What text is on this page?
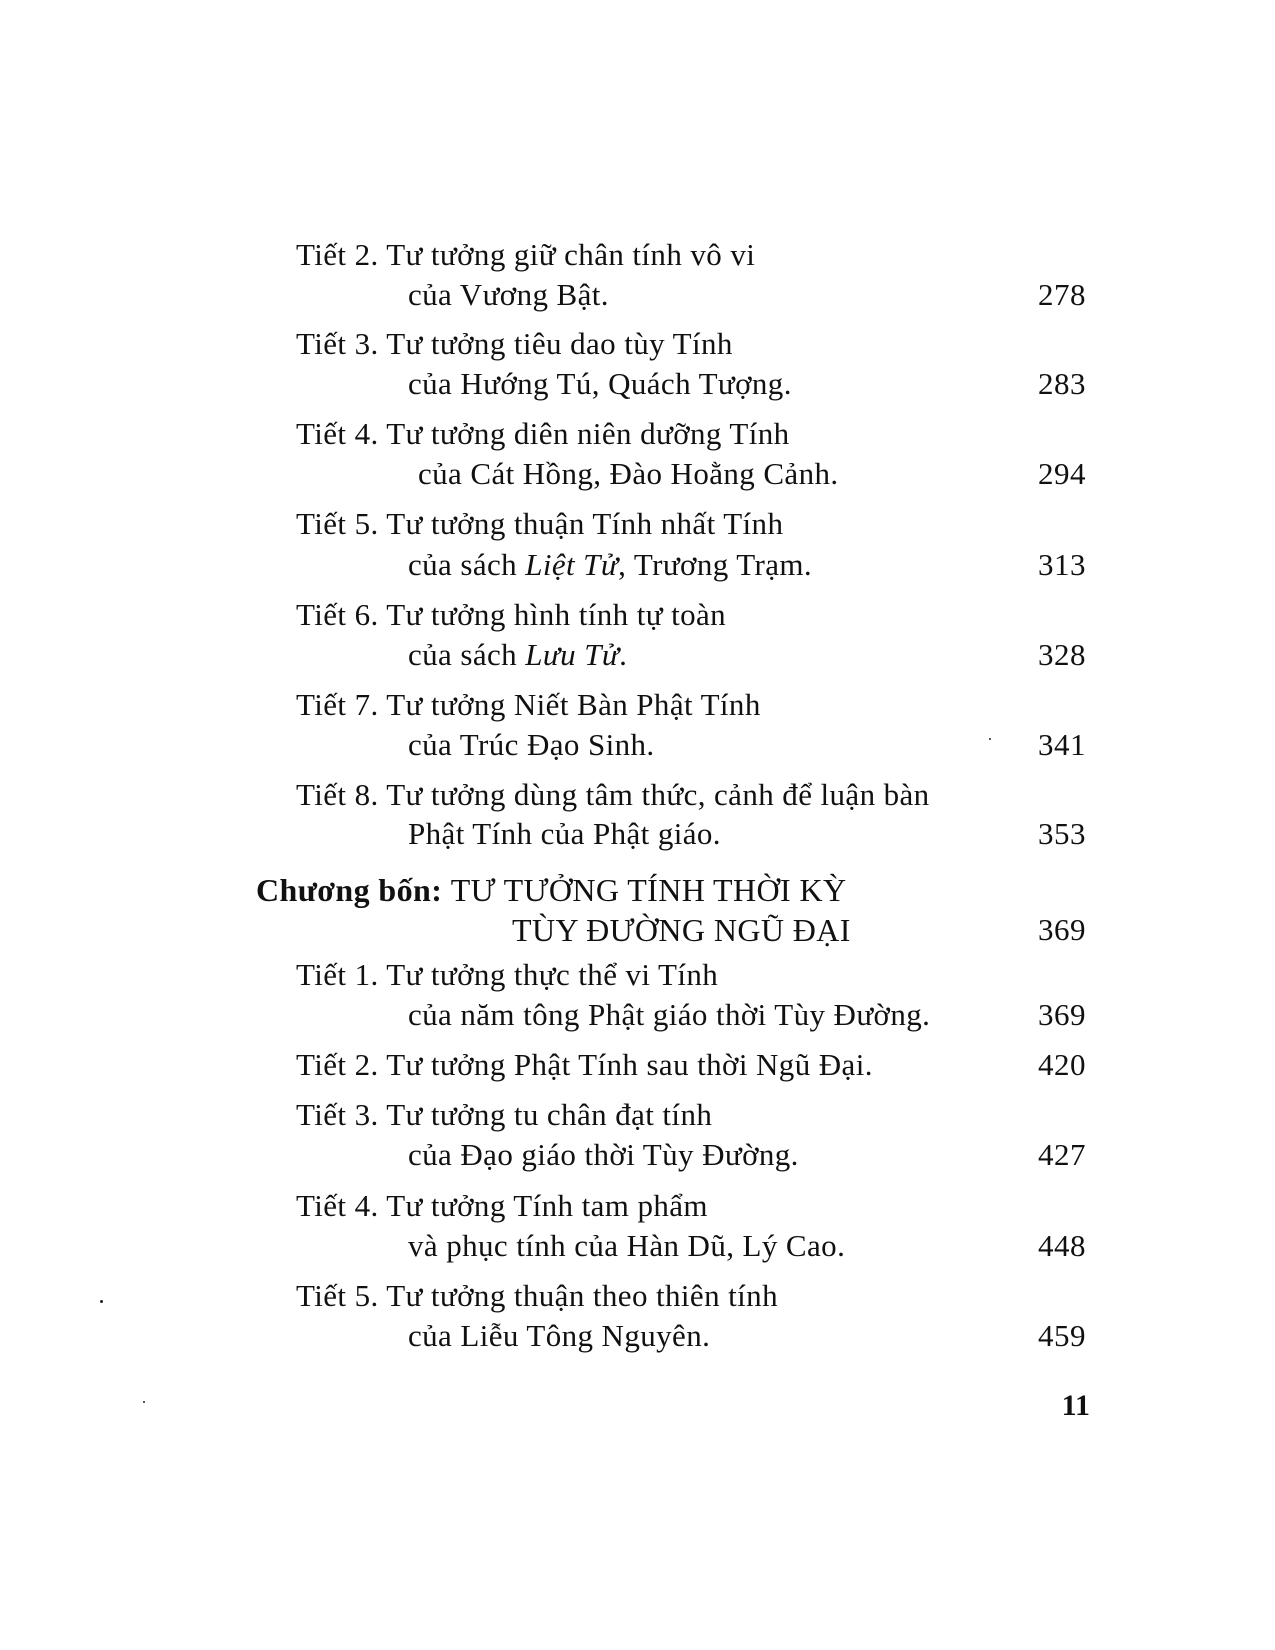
Tiết 2. Tư tưởng giữ chân tính vô vi
của Vương Bật.	278
Tiết 3. Tư tưởng tiêu dao tùy Tính
của Hướng Tú, Quách Tượng.	283
Tiết 4. Tư tưởng diên niên dưỡng Tính
của Cát Hồng, Đào Hoằng Cảnh.	294
Tiết 5. Tư tưởng thuận Tính nhất Tính
của sách Liệt Tử, Trương Trạm.	313
Tiết 6. Tư tưởng hình tính tự toàn
của sách Lưu Tử.	328
Tiết 7. Tư tưởng Niết Bàn Phật Tính
của Trúc Đạo Sinh.	341
Tiết 8. Tư tưởng dùng tâm thức, cảnh để luận bàn
Phật Tính của Phật giáo.	353
Chương bốn: TƯ TƯỞNG TÍNH THỜI KỲ
TÙY ĐƯỜNG NGŨ ĐẠI	369
Tiết 1. Tư tưởng thực thể vi Tính
của năm tông Phật giáo thời Tùy Đường.	369
Tiết 2. Tư tưởng Phật Tính sau thời Ngũ Đại.	420
Tiết 3. Tư tưởng tu chân đạt tính
của Đạo giáo thời Tùy Đường.	427
Tiết 4. Tư tưởng Tính tam phẩm
và phục tính của Hàn Dũ, Lý Cao.	448
Tiết 5. Tư tưởng thuận theo thiên tính
của Liễu Tông Nguyên.	459
11
